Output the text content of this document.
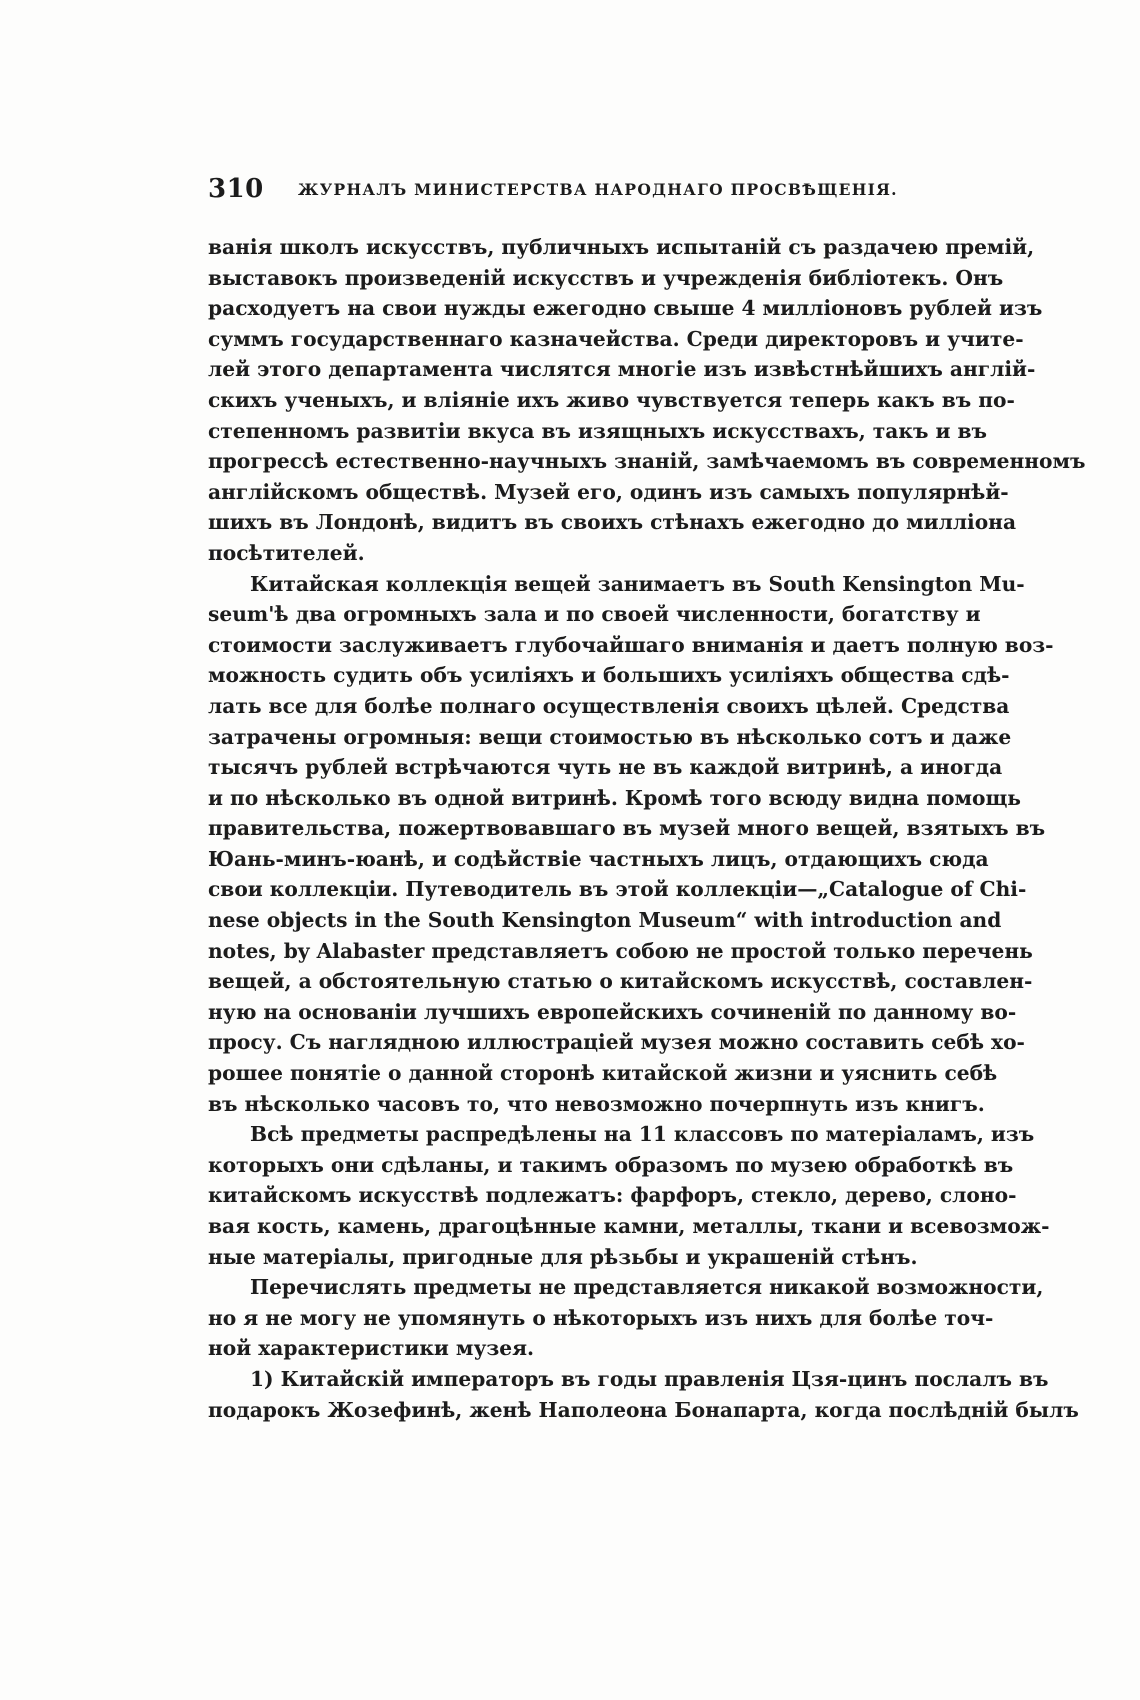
310 ЖУРНАЛЪ МИНИСТЕРСТВА НАРОДНАГО ПРОСВѢЩЕНІЯ.
ванія школъ искусствъ, публичныхъ испытаній съ раздачею премій,
выставокъ произведеній искусствъ и учрежденія библіотекъ. Онъ
расходуетъ на свои нужды ежегодно свыше 4 милліоновъ рублей изъ
суммъ государственнаго казначейства. Среди директоровъ и учите-
лей этого департамента числятся многіе изъ извѣстнѣйшихъ англій-
скихъ ученыхъ, и вліяніе ихъ живо чувствуется теперь какъ въ по-
степенномъ развитіи вкуса въ изящныхъ искусствахъ, такъ и въ
прогрессѣ естественно-научныхъ знаній, замѣчаемомъ въ современномъ
англійскомъ обществѣ. Музей его, одинъ изъ самыхъ популярнѣй-
шихъ въ Лондонѣ, видитъ въ своихъ стѣнахъ ежегодно до милліона
посѣтителей.
Китайская коллекція вещей занимаетъ въ South Kensington Mu-
seum'ѣ два огромныхъ зала и по своей численности, богатству и
стоимости заслуживаетъ глубочайшаго вниманія и даетъ полную воз-
можность судить объ усиліяхъ и большихъ усиліяхъ общества сдѣ-
лать все для болѣе полнаго осуществленія своихъ цѣлей. Средства
затрачены огромныя: вещи стоимостью въ нѣсколько сотъ и даже
тысячъ рублей встрѣчаются чуть не въ каждой витринѣ, а иногда
и по нѣсколько въ одной витринѣ. Кромѣ того всюду видна помощь
правительства, пожертвовавшаго въ музей много вещей, взятыхъ въ
Юань-минъ-юанѣ, и содѣйствіе частныхъ лицъ, отдающихъ сюда
свои коллекціи. Путеводитель въ этой коллекціи—„Catalogue of Chi-
nese objects in the South Kensington Museum“ with introduction and
notes, by Alabaster представляетъ собою не простой только перечень
вещей, а обстоятельную статью о китайскомъ искусствѣ, составлен-
ную на основаніи лучшихъ европейскихъ сочиненій по данному во-
просу. Съ наглядною иллюстраціей музея можно составить себѣ хо-
рошее понятіе о данной сторонѣ китайской жизни и уяснить себѣ
въ нѣсколько часовъ то, что невозможно почерпнуть изъ книгъ.
Всѣ предметы распредѣлены на 11 классовъ по матеріаламъ, изъ
которыхъ они сдѣланы, и такимъ образомъ по музею обработкѣ въ
китайскомъ искусствѣ подлежатъ: фарфоръ, стекло, дерево, слоно-
вая кость, камень, драгоцѣнные камни, металлы, ткани и всевозмож-
ные матеріалы, пригодные для рѣзьбы и украшеній стѣнъ.
Перечислять предметы не представляется никакой возможности,
но я не могу не упомянуть о нѣкоторыхъ изъ нихъ для болѣе точ-
ной характеристики музея.
1) Китайскій императоръ въ годы правленія Цзя-цинъ послалъ въ
подарокъ Жозефинѣ, женѣ Наполеона Бонапарта, когда послѣдній былъ
